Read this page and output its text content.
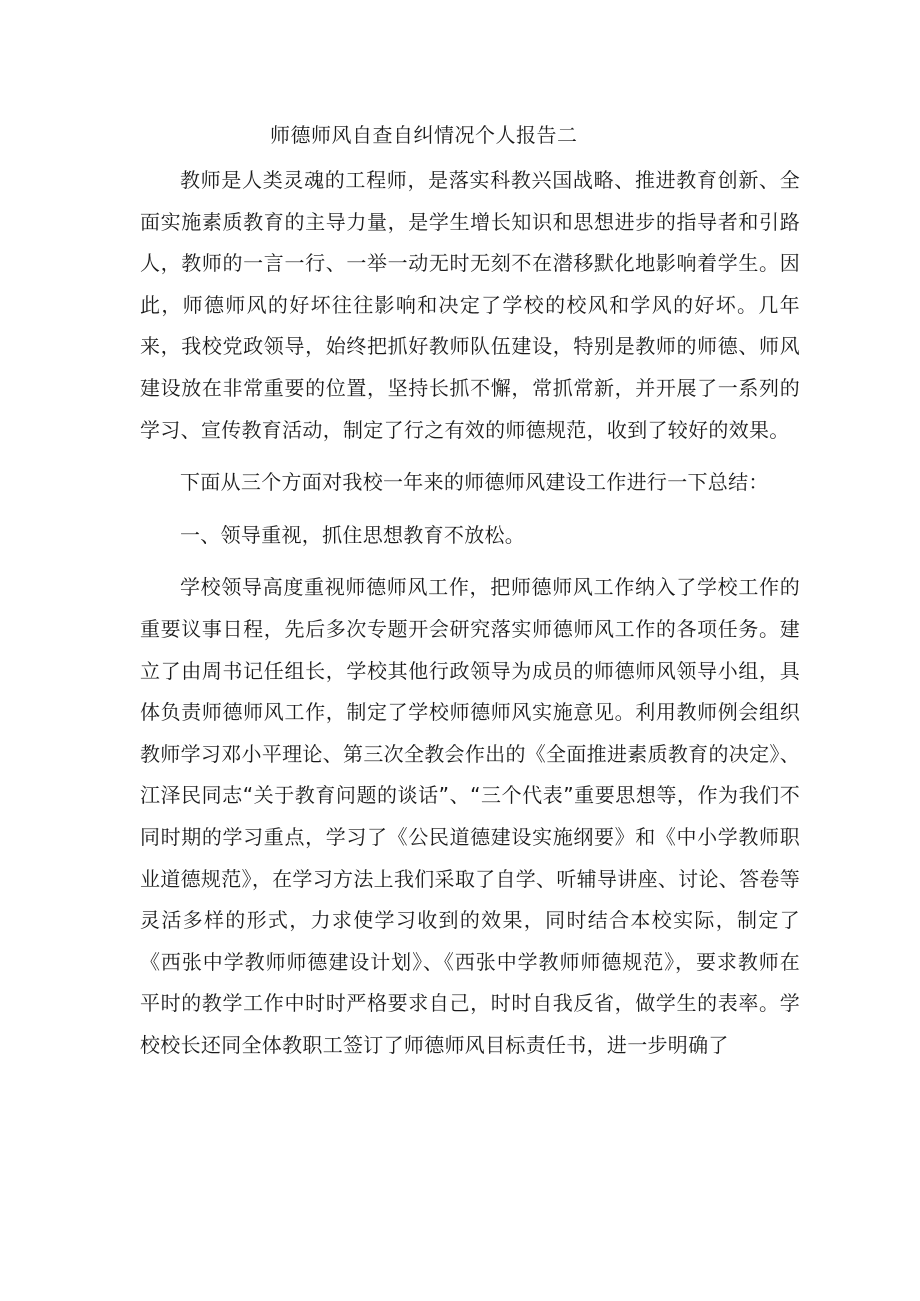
师德师风自查自纠情况个人报告二

教师是人类灵魂的工程师，是落实科教兴国战略、推进教育创新、全面实施素质教育的主导力量，是学生增长知识和思想进步的指导者和引路人，教师的一言一行、一举一动无时无刻不在潜移默化地影响着学生。因此，师德师风的好坏往往影响和决定了学校的校风和学风的好坏。几年来，我校党政领导，始终把抓好教师队伍建设，特别是教师的师德、师风建设放在非常重要的位置，坚持长抓不懈，常抓常新，并开展了一系列的学习、宣传教育活动，制定了行之有效的师德规范，收到了较好的效果。

下面从三个方面对我校一年来的师德师风建设工作进行一下总结：

一、领导重视，抓住思想教育不放松。

学校领导高度重视师德师风工作，把师德师风工作纳入了学校工作的重要议事日程，先后多次专题开会研究落实师德师风工作的各项任务。建立了由周书记任组长，学校其他行政领导为成员的师德师风领导小组，具体负责师德师风工作，制定了学校师德师风实施意见。利用教师例会组织教师学习邓小平理论、第三次全教会作出的《全面推进素质教育的决定》、江泽民同志“关于教育问题的谈话”、“三个代表”重要思想等，作为我们不同时期的学习重点，学习了《公民道德建设实施纲要》和《中小学教师职业道德规范》，在学习方法上我们采取了自学、听辅导讲座、讨论、答卷等灵活多样的形式，力求使学习收到的效果，同时结合本校实际，制定了《西张中学教师师德建设计划》、《西张中学教师师德规范》，要求教师在平时的教学工作中时时严格要求自己，时时自我反省，做学生的表率。学校校长还同全体教职工签订了师德师风目标责任书，进一步明确了
